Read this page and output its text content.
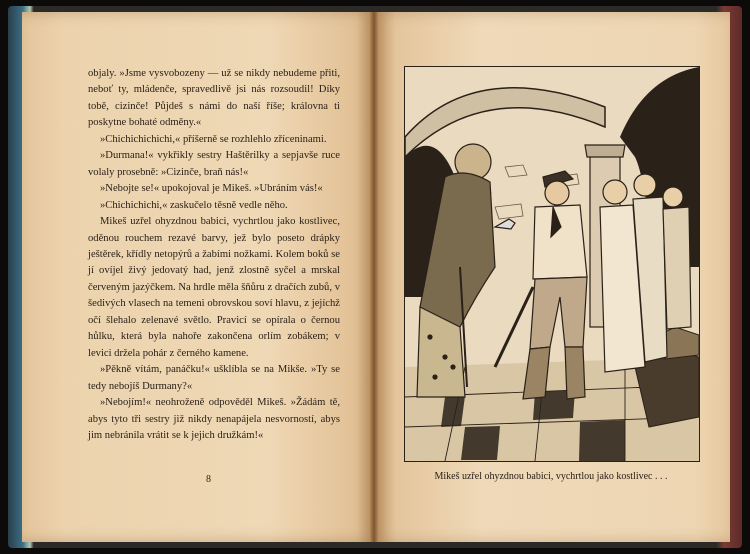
objaly. »Jsme vysvobozeny — už se nikdy nebudeme přiti, neboť ty, mládenče, spravedlivě jsi nás rozsoudil! Díky tobě, cizinče! Půjdeš s námi do naší říše; královna ti poskytne bohaté odměny.«

»Chichichichichi,« příšerně se rozhlehlo zříceninami.

»Durmana!« vykřikly sestry Haštěrilky a sepjavše ruce volaly prosebně: »Cizinče, braň nás!«

»Nebojte se!« upokojoval je Mikeš. »Ubráním vás!«

»Chichichichi,« zaskučelo těsně vedle něho.

Mikeš uzřel ohyzdnou babici, vychrtlou jako kostlivec, oděnou rouchem rezavé barvy, jež bylo poseto drápky ještěrek, křídly netopýrů a žabími nožkami. Kolem boků se jí ovíjel živý jedovatý had, jenž zlostně syčel a mrskal červeným jazýčkem. Na hrdle měla šňůru z dračích zubů, v šedivých vlasech na temeni obrovskou soví hlavu, z jejíchž očí šlehalo zelenavé světlo. Pravicí se opírala o černou hůlku, která byla nahoře zakončena orlím zobákem; v levici držela pohár z černého kamene.

»Pěkně vítám, panáčku!« ušklíbla se na Mikše. »Ty se tedy nebojíš Durmany?«

»Nebojím!« neohroženě odpověděl Mikeš. »Žádám tě, abys tyto tři sestry již nikdy nenapájela nesvorností, abys jim nebránila vrátit se k jejich družkám!«

8	Mikeš uzřel ohyzdnou babici, vychrtlou jako kostlivec . . .
